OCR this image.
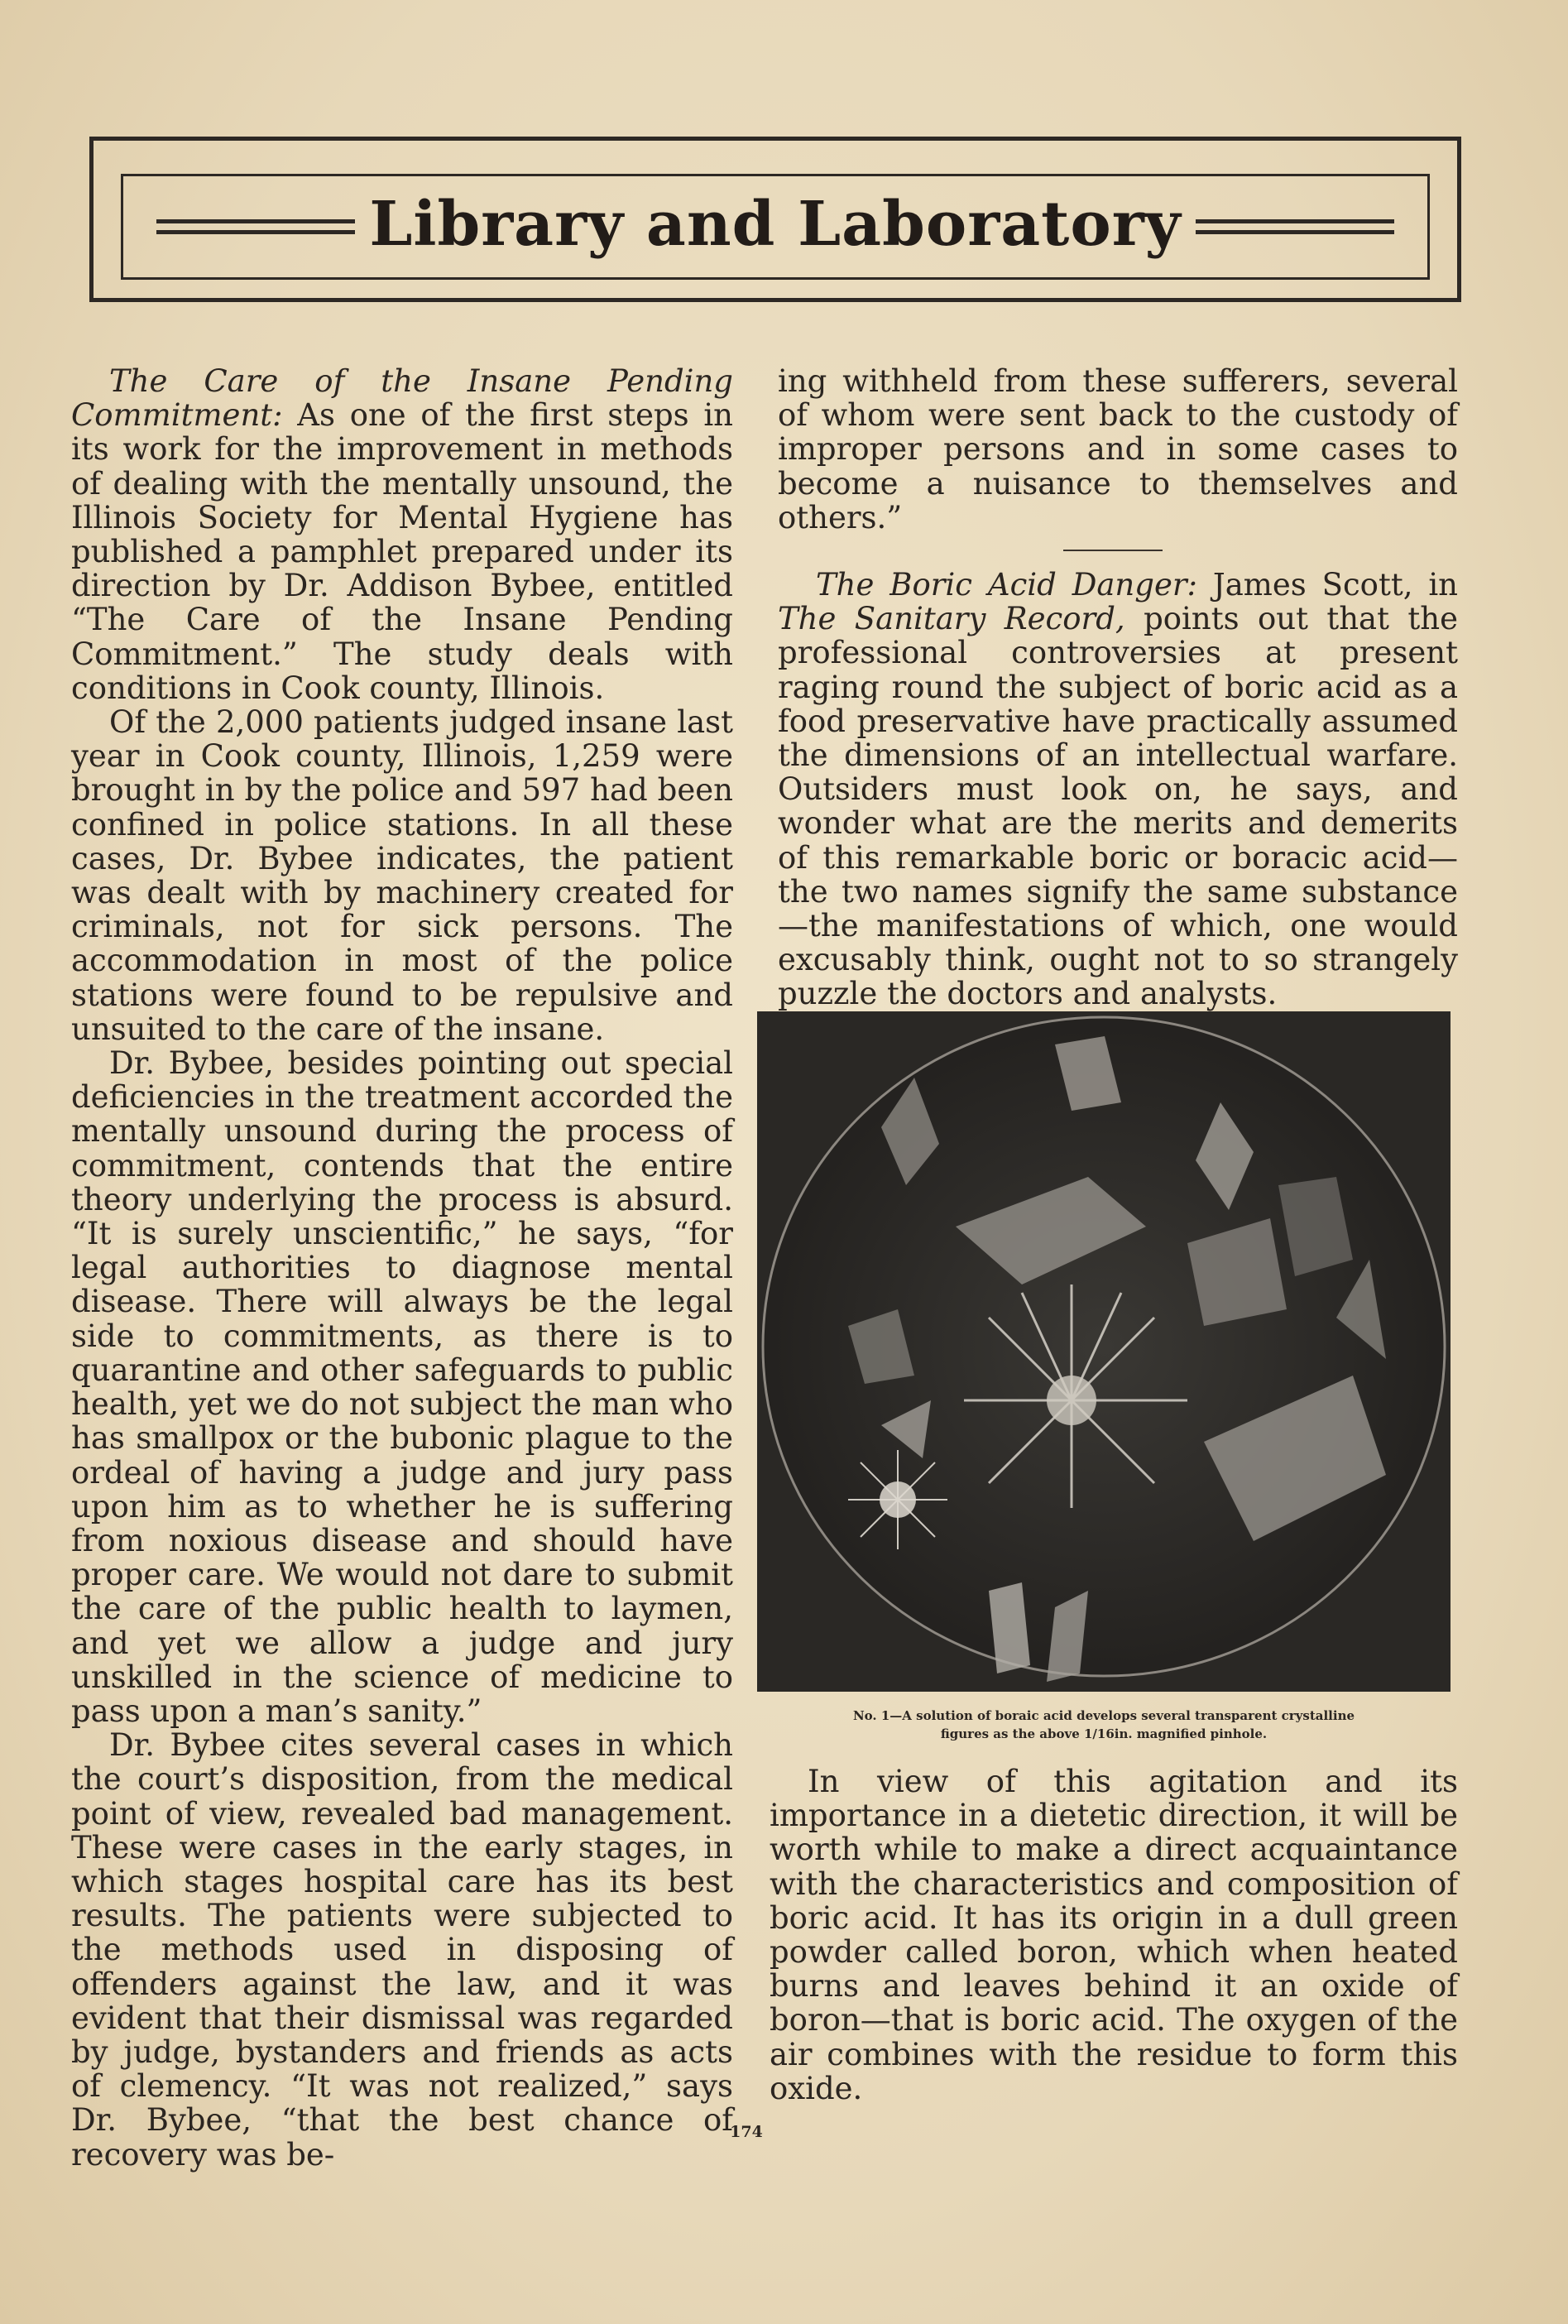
Library and Laboratory

The Care of the Insane Pending Commitment: As one of the first steps in its work for the improvement in methods of dealing with the mentally unsound, the Illinois Society for Mental Hygiene has published a pamphlet prepared under its direction by Dr. Addison Bybee, entitled “The Care of the Insane Pending Commitment.” The study deals with conditions in Cook county, Illinois.

Of the 2,000 patients judged insane last year in Cook county, Illinois, 1,259 were brought in by the police and 597 had been confined in police stations. In all these cases, Dr. Bybee indicates, the patient was dealt with by machinery created for criminals, not for sick persons. The accommodation in most of the police stations were found to be repulsive and unsuited to the care of the insane.

Dr. Bybee, besides pointing out special deficiencies in the treatment accorded the mentally unsound during the process of commitment, contends that the entire theory underlying the process is absurd. “It is surely unscientific,” he says, “for legal authorities to diagnose mental disease. There will always be the legal side to commitments, as there is to quarantine and other safeguards to public health, yet we do not subject the man who has smallpox or the bubonic plague to the ordeal of having a judge and jury pass upon him as to whether he is suffering from noxious disease and should have proper care. We would not dare to submit the care of the public health to laymen, and yet we allow a judge and jury unskilled in the science of medicine to pass upon a man’s sanity.”

Dr. Bybee cites several cases in which the court’s disposition, from the medical point of view, revealed bad management. These were cases in the early stages, in which stages hospital care has its best results. The patients were subjected to the methods used in disposing of offenders against the law, and it was evident that their dismissal was regarded by judge, bystanders and friends as acts of clemency. “It was not realized,” says Dr. Bybee, “that the best chance of recovery was be-

ing withheld from these sufferers, several of whom were sent back to the custody of improper persons and in some cases to become a nuisance to themselves and others.”

The Boric Acid Danger: James Scott, in The Sanitary Record, points out that the professional controversies at present raging round the subject of boric acid as a food preservative have practically assumed the dimensions of an intellectual warfare. Outsiders must look on, he says, and wonder what are the merits and demerits of this remarkable boric or boracic acid—the two names signify the same substance—the manifestations of which, one would excusably think, ought not to so strangely puzzle the doctors and analysts.

No. 1—A solution of boraic acid develops several transparent crystalline
figures as the above 1/16in. magnified pinhole.

In view of this agitation and its importance in a dietetic direction, it will be worth while to make a direct acquaintance with the characteristics and composition of boric acid. It has its origin in a dull green powder called boron, which when heated burns and leaves behind it an oxide of boron—that is boric acid. The oxygen of the air combines with the residue to form this oxide.

174
